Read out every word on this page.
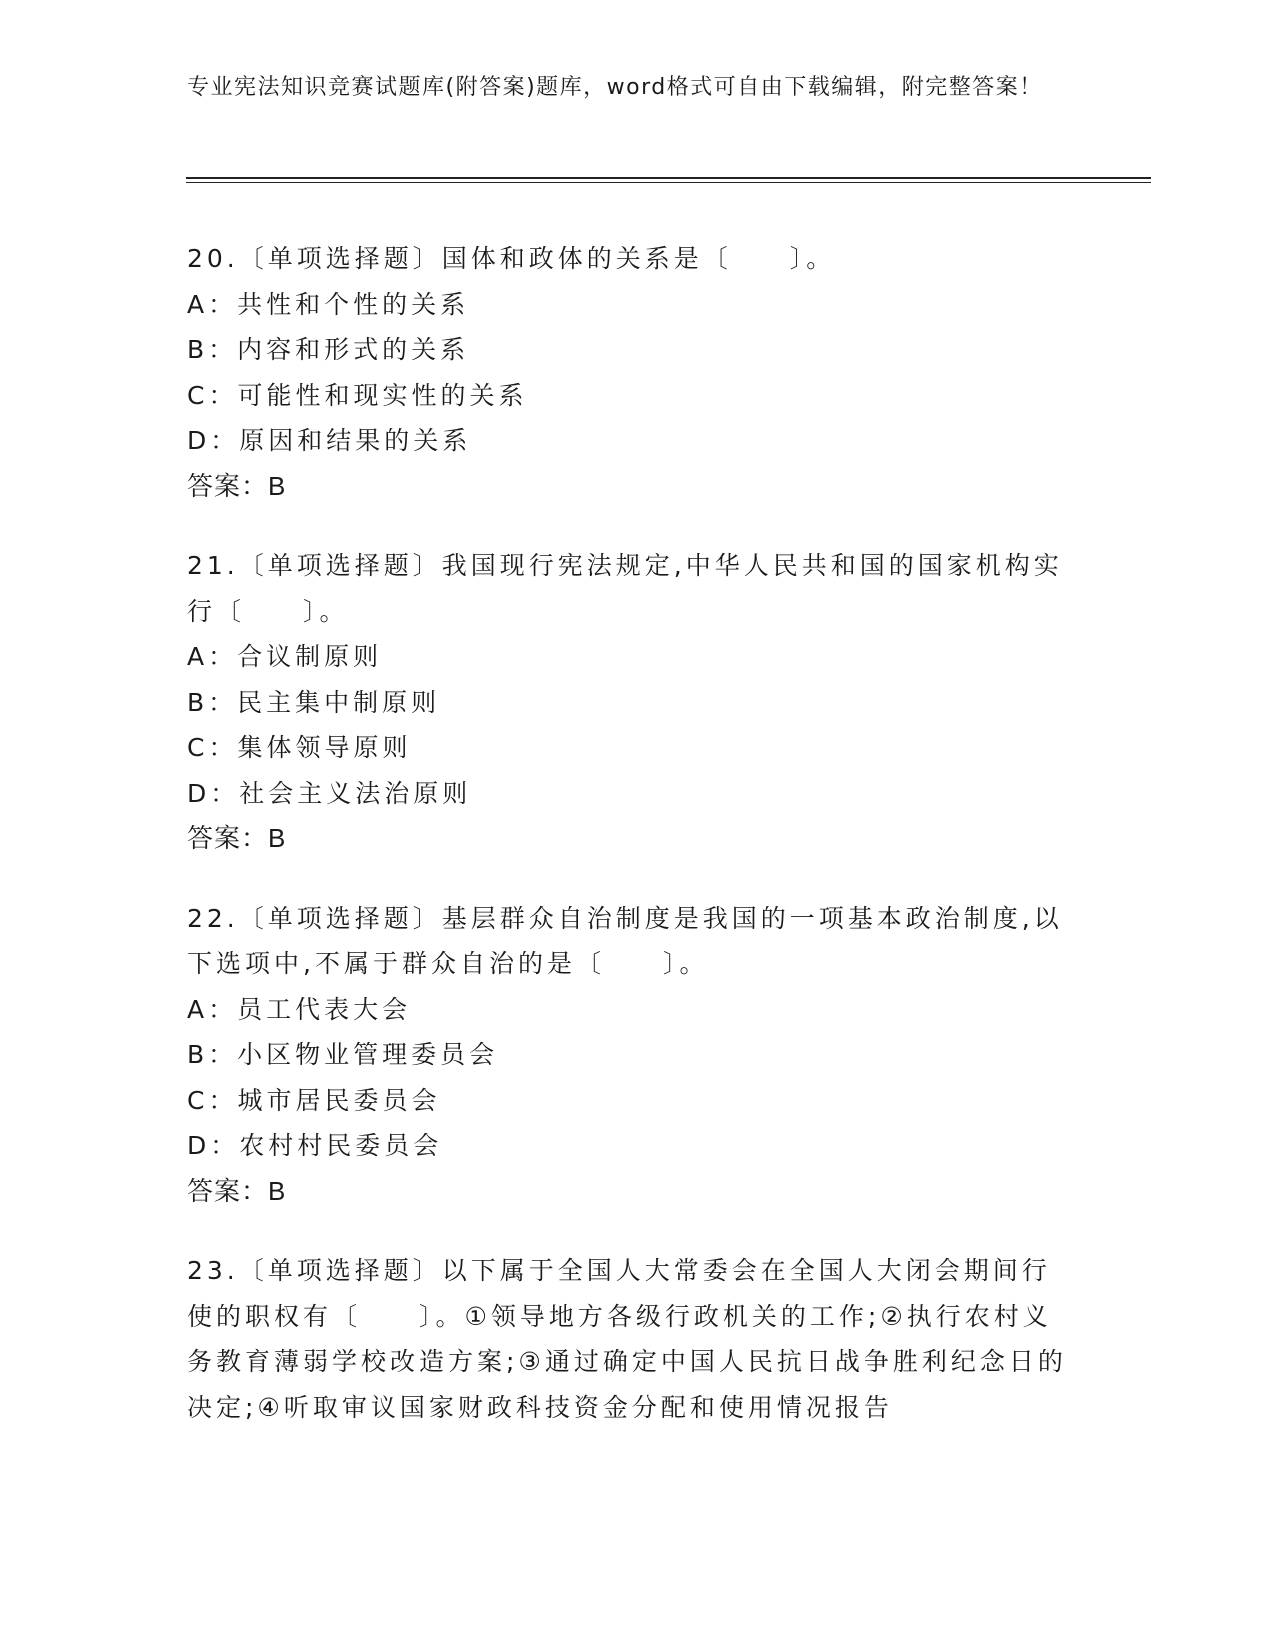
专业宪法知识竞赛试题库(附答案)题库，word格式可自由下载编辑，附完整答案！
20.〔单项选择题〕国体和政体的关系是〔　　〕。
A：共性和个性的关系
B：内容和形式的关系
C：可能性和现实性的关系
D：原因和结果的关系
答案：B
21.〔单项选择题〕我国现行宪法规定,中华人民共和国的国家机构实行〔　　〕。
A：合议制原则
B：民主集中制原则
C：集体领导原则
D：社会主义法治原则
答案：B
22.〔单项选择题〕基层群众自治制度是我国的一项基本政治制度,以下选项中,不属于群众自治的是〔　　〕。
A：员工代表大会
B：小区物业管理委员会
C：城市居民委员会
D：农村村民委员会
答案：B
23.〔单项选择题〕以下属于全国人大常委会在全国人大闭会期间行使的职权有〔　　〕。①领导地方各级行政机关的工作;②执行农村义务教育薄弱学校改造方案;③通过确定中国人民抗日战争胜利纪念日的决定;④听取审议国家财政科技资金分配和使用情况报告
